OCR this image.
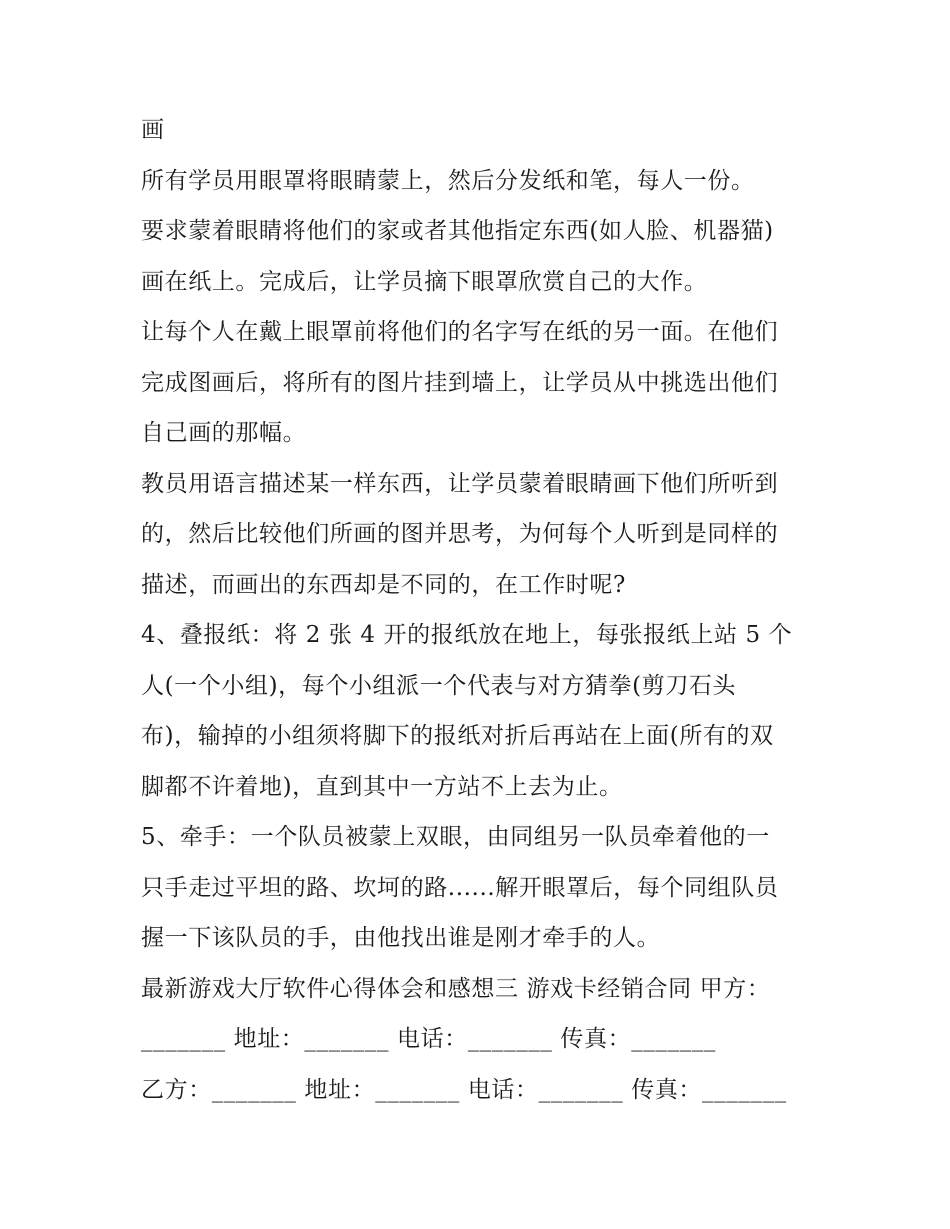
画
所有学员用眼罩将眼睛蒙上，然后分发纸和笔，每人一份。
要求蒙着眼睛将他们的家或者其他指定东西(如人脸、机器猫)
画在纸上。完成后，让学员摘下眼罩欣赏自己的大作。
让每个人在戴上眼罩前将他们的名字写在纸的另一面。在他们
完成图画后，将所有的图片挂到墙上，让学员从中挑选出他们
自己画的那幅。
教员用语言描述某一样东西，让学员蒙着眼睛画下他们所听到
的，然后比较他们所画的图并思考，为何每个人听到是同样的
描述，而画出的东西却是不同的，在工作时呢?
4、叠报纸：将 2 张 4 开的报纸放在地上，每张报纸上站 5 个
人(一个小组)，每个小组派一个代表与对方猜拳(剪刀石头
布)，输掉的小组须将脚下的报纸对折后再站在上面(所有的双
脚都不许着地)，直到其中一方站不上去为止。
5、牵手：一个队员被蒙上双眼，由同组另一队员牵着他的一
只手走过平坦的路、坎坷的路......解开眼罩后，每个同组队员
握一下该队员的手，由他找出谁是刚才牵手的人。
最新游戏大厅软件心得体会和感想三 游戏卡经销合同 甲方：
_______ 地址：_______ 电话：_______ 传真：_______
乙方：_______ 地址：_______ 电话：_______ 传真：_______
